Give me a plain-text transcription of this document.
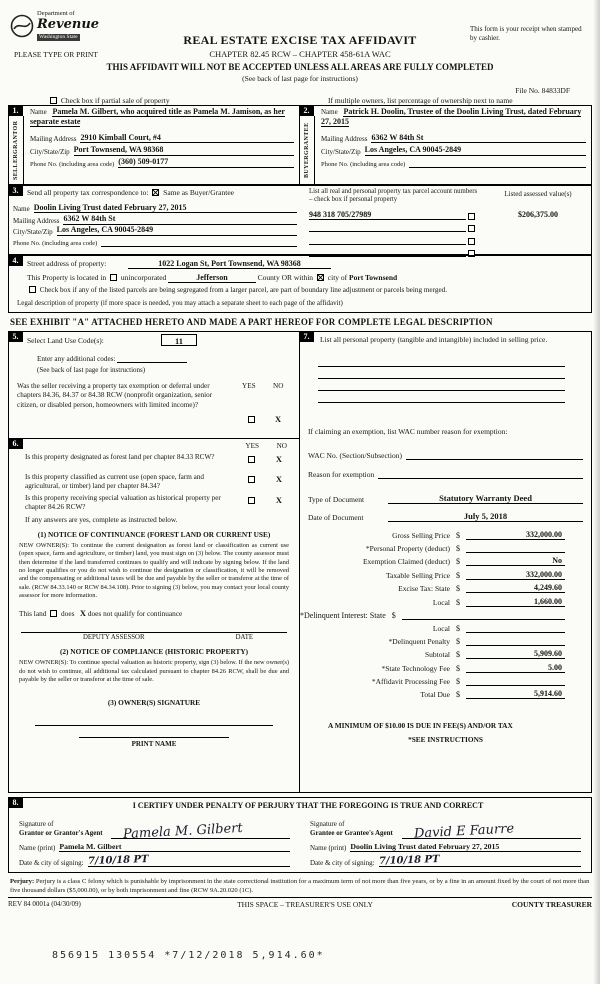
Department of
Revenue
Washington State
PLEASE TYPE OR PRINT
REAL ESTATE EXCISE TAX AFFIDAVIT
CHAPTER 82.45 RCW – CHAPTER 458-61A WAC
This form is your receipt when stamped by cashier.
THIS AFFIDAVIT WILL NOT BE ACCEPTED UNLESS ALL AREAS ARE FULLY COMPLETED
(See back of last page for instructions)
File No. 84833DF
Check box if partial sale of property	If multiple owners, list percentage of ownership next to name
1.
SELLER
GRANTOR
Name Pamela M. Gilbert, who acquired title as Pamela M. Jamison, as her separate estate
Mailing Address 2910 Kimball Court, #4
City/State/Zip Port Townsend, WA 98368
Phone No. (including area code) (360) 509-0177
2.
BUYER
GRANTEE
Name Patrick H. Doolin, Trustee of the Doolin Living Trust, dated February 27, 2015
Mailing Address 6362 W 84th St
City/State/Zip Los Angeles, CA 90045-2849
Phone No. (including area code)
3.	Send all property tax correspondence to: Same as Buyer/Grantee	List all real and personal property tax parcel account numbers – check box if personal property
Listed assessed value(s)
Name Doolin Living Trust dated February 27, 2015
Mailing Address 6362 W 84th St
City/State/Zip Los Angeles, CA 90045-2849
Phone No. (including area code)
948 318 705/27989	$206,375.00
4.	Street address of property:	1022 Logan St, Port Townsend, WA 98368
This Property is located in unincorporated	Jefferson	County OR within city of Port Townsend
Check box if any of the listed parcels are being segregated from a larger parcel, are part of boundary line adjustment or parcels being merged.
Legal description of property (if more space is needed, you may attach a separate sheet to each page of the affidavit)
SEE EXHIBIT "A" ATTACHED HERETO AND MADE A PART HEREOF FOR COMPLETE LEGAL DESCRIPTION
5.	Select Land Use Code(s):	11
Enter any additional codes:
(See back of last page for instructions)
Was the seller receiving a property tax exemption or deferral under chapters 84.36, 84.37 or 84.38 RCW (nonprofit organization, senior citizen, or disabled person, homeowners with limited income)?
YES NO
X
6.	YES NO
Is this property designated as forest land per chapter 84.33 RCW?	X
Is this property classified as current use (open space, farm and agricultural, or timber) land per chapter 84.34?
X
Is this property receiving special valuation as historical property per chapter 84.26 RCW?
X
If any answers are yes, complete as instructed below.
(1) NOTICE OF CONTINUANCE (FOREST LAND OR CURRENT USE)
NEW OWNER(S): To continue the current designation as forest land or classification as current use (open space, farm and agriculture, or timber) land, you must sign on (3) below. The county assessor must then determine if the land transferred continues to qualify and will indicate by signing below. If the land no longer qualifies or you do not wish to continue the designation or classification, it will be removed and the compensating or additional taxes will be due and payable by the seller or transferor at the time of sale. (RCW 84.33.140 or RCW 84.34.108). Prior to signing (3) below, you may contact your local county assessor for more information.
This land does X does not qualify for continuance
DEPUTY ASSESSOR	DATE
(2) NOTICE OF COMPLIANCE (HISTORIC PROPERTY)
NEW OWNER(S): To continue special valuation as historic property, sign (3) below. If the new owner(s) do not wish to continue, all additional tax calculated pursuant to chapter 84.26 RCW, shall be due and payable by the seller or transferor at the time of sale.
(3) OWNER(S) SIGNATURE
PRINT NAME
7.	List all personal property (tangible and intangible) included in selling price.
If claiming an exemption, list WAC number reason for exemption:
WAC No. (Section/Subsection)
Reason for exemption
Type of Document	Statutory Warranty Deed
Date of Document	July 5, 2018
Gross Selling Price $	332,000.00
*Personal Property (deduct) $
Exemption Claimed (deduct) $	No
Taxable Selling Price $	332,000.00
Excise Tax: State $	4,249.60
Local $	1,660.00
*Delinquent Interest: State $
Local $
*Delinquent Penalty $
Subtotal $	5,909.60
*State Technology Fee $	5.00
*Affidavit Processing Fee $
Total Due $	5,914.60
A MINIMUM OF $10.00 IS DUE IN FEE(S) AND/OR TAX
*SEE INSTRUCTIONS
8.	I CERTIFY UNDER PENALTY OF PERJURY THAT THE FOREGOING IS TRUE AND CORRECT
Signature of
Grantor or Grantor's Agent	Pamela M. Gilbert
Name (print) Pamela M. Gilbert
Date & city of signing: 7/10/18 PT
Signature of
Grantee or Grantee's Agent	David E Faurre
Name (print) Doolin Living Trust dated February 27, 2015
Date & city of signing: 7/10/18 PT
Perjury: Perjury is a class C felony which is punishable by imprisonment in the state correctional institution for a maximum term of not more than five years, or by a fine in an amount fixed by the court of not more than five thousand dollars ($5,000.00), or by both imprisonment and fine (RCW 9A.20.020 (1C).
REV 84 0001a (04/30/09)	THIS SPACE – TREASURER'S USE ONLY	COUNTY TREASURER
856915 130554 *7/12/2018 5,914.60*
